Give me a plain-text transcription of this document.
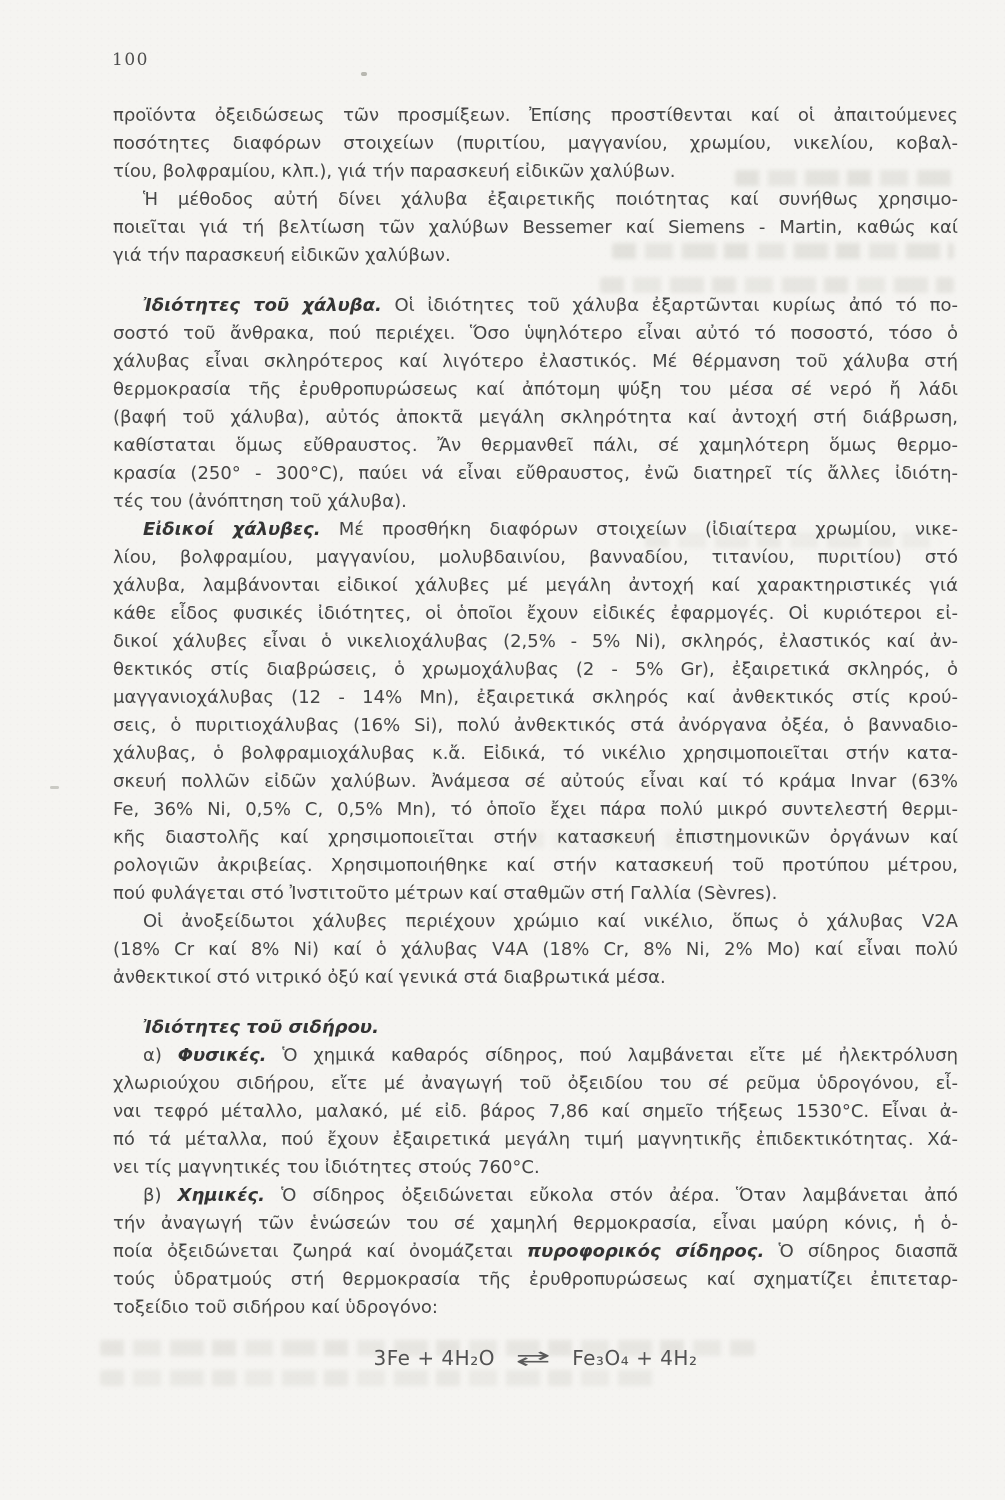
100
προϊόντα ὀξειδώσεως τῶν προσμίξεων. Ἐπίσης προστίθενται καί οἱ ἀπαιτούμενες
ποσότητες διαφόρων στοιχείων (πυριτίου, μαγγανίου, χρωμίου, νικελίου, κοβαλ-
τίου, βολφραμίου, κλπ.), γιά τήν παρασκευή εἰδικῶν χαλύβων.
Ἡ μέθοδος αὐτή δίνει χάλυβα ἐξαιρετικῆς ποιότητας καί συνήθως χρησιμο-
ποιεῖται γιά τή βελτίωση τῶν χαλύβων Bessemer καί Siemens - Martin, καθώς καί
γιά τήν παρασκευή εἰδικῶν χαλύβων.
Ἰδιότητες τοῦ χάλυβα. Οἱ ἰδιότητες τοῦ χάλυβα ἐξαρτῶνται κυρίως ἀπό τό πο-
σοστό τοῦ ἄνθρακα, πού περιέχει. Ὅσο ὑψηλότερο εἶναι αὐτό τό ποσοστό, τόσο ὁ
χάλυβας εἶναι σκληρότερος καί λιγότερο ἐλαστικός. Μέ θέρμανση τοῦ χάλυβα στή
θερμοκρασία τῆς ἐρυθροπυρώσεως καί ἀπότομη ψύξη του μέσα σέ νερό ἤ λάδι
(βαφή τοῦ χάλυβα), αὐτός ἀποκτᾶ μεγάλη σκληρότητα καί ἀντοχή στή διάβρωση,
καθίσταται ὅμως εὔθραυστος. Ἄν θερμανθεῖ πάλι, σέ χαμηλότερη ὅμως θερμο-
κρασία (250° - 300°C), παύει νά εἶναι εὔθραυστος, ἐνῶ διατηρεῖ τίς ἄλλες ἰδιότη-
τές του (ἀνόπτηση τοῦ χάλυβα).
Εἰδικοί χάλυβες. Μέ προσθήκη διαφόρων στοιχείων (ἰδιαίτερα χρωμίου, νικε-
λίου, βολφραμίου, μαγγανίου, μολυβδαινίου, βανναδίου, τιτανίου, πυριτίου) στό
χάλυβα, λαμβάνονται εἰδικοί χάλυβες μέ μεγάλη ἀντοχή καί χαρακτηριστικές γιά
κάθε εἶδος φυσικές ἰδιότητες, οἱ ὁποῖοι ἔχουν εἰδικές ἐφαρμογές. Οἱ κυριότεροι εἰ-
δικοί χάλυβες εἶναι ὁ νικελιοχάλυβας (2,5% - 5% Ni), σκληρός, ἐλαστικός καί ἀν-
θεκτικός στίς διαβρώσεις, ὁ χρωμοχάλυβας (2 - 5% Gr), ἐξαιρετικά σκληρός, ὁ
μαγγανιοχάλυβας (12 - 14% Mn), ἐξαιρετικά σκληρός καί ἀνθεκτικός στίς κρού-
σεις, ὁ πυριτιοχάλυβας (16% Si), πολύ ἀνθεκτικός στά ἀνόργανα ὀξέα, ὁ βανναδιο-
χάλυβας, ὁ βολφραμιοχάλυβας κ.ἄ. Εἰδικά, τό νικέλιο χρησιμοποιεῖται στήν κατα-
σκευή πολλῶν εἰδῶν χαλύβων. Ἀνάμεσα σέ αὐτούς εἶναι καί τό κράμα Invar (63%
Fe, 36% Ni, 0,5% C, 0,5% Mn), τό ὁποῖο ἔχει πάρα πολύ μικρό συντελεστή θερμι-
κῆς διαστολῆς καί χρησιμοποιεῖται στήν κατασκευή ἐπιστημονικῶν ὀργάνων καί
ρολογιῶν ἀκριβείας. Χρησιμοποιήθηκε καί στήν κατασκευή τοῦ προτύπου μέτρου,
πού φυλάγεται στό Ἰνστιτοῦτο μέτρων καί σταθμῶν στή Γαλλία (Sèvres).
Οἱ ἀνοξείδωτοι χάλυβες περιέχουν χρώμιο καί νικέλιο, ὅπως ὁ χάλυβας V2A
(18% Cr καί 8% Ni) καί ὁ χάλυβας V4A (18% Cr, 8% Ni, 2% Mo) καί εἶναι πολύ
ἀνθεκτικοί στό νιτρικό ὀξύ καί γενικά στά διαβρωτικά μέσα.
Ἰδιότητες τοῦ σιδήρου.
α) Φυσικές. Ὁ χημικά καθαρός σίδηρος, πού λαμβάνεται εἴτε μέ ἠλεκτρόλυση
χλωριούχου σιδήρου, εἴτε μέ ἀναγωγή τοῦ ὀξειδίου του σέ ρεῦμα ὑδρογόνου, εἶ-
ναι τεφρό μέταλλο, μαλακό, μέ εἰδ. βάρος 7,86 καί σημεῖο τήξεως 1530°C. Εἶναι ἀ-
πό τά μέταλλα, πού ἔχουν ἐξαιρετικά μεγάλη τιμή μαγνητικῆς ἐπιδεκτικότητας. Χά-
νει τίς μαγνητικές του ἰδιότητες στούς 760°C.
β) Χημικές. Ὁ σίδηρος ὀξειδώνεται εὔκολα στόν ἀέρα. Ὅταν λαμβάνεται ἀπό
τήν ἀναγωγή τῶν ἑνώσεών του σέ χαμηλή θερμοκρασία, εἶναι μαύρη κόνις, ἡ ὁ-
ποία ὀξειδώνεται ζωηρά καί ὀνομάζεται πυροφορικός σίδηρος. Ὁ σίδηρος διασπᾶ
τούς ὑδρατμούς στή θερμοκρασία τῆς ἐρυθροπυρώσεως καί σχηματίζει ἐπιτεταρ-
τοξείδιο τοῦ σιδήρου καί ὑδρογόνο:
3Fe + 4H₂O ⇄ Fe₃O₄ + 4H₂
